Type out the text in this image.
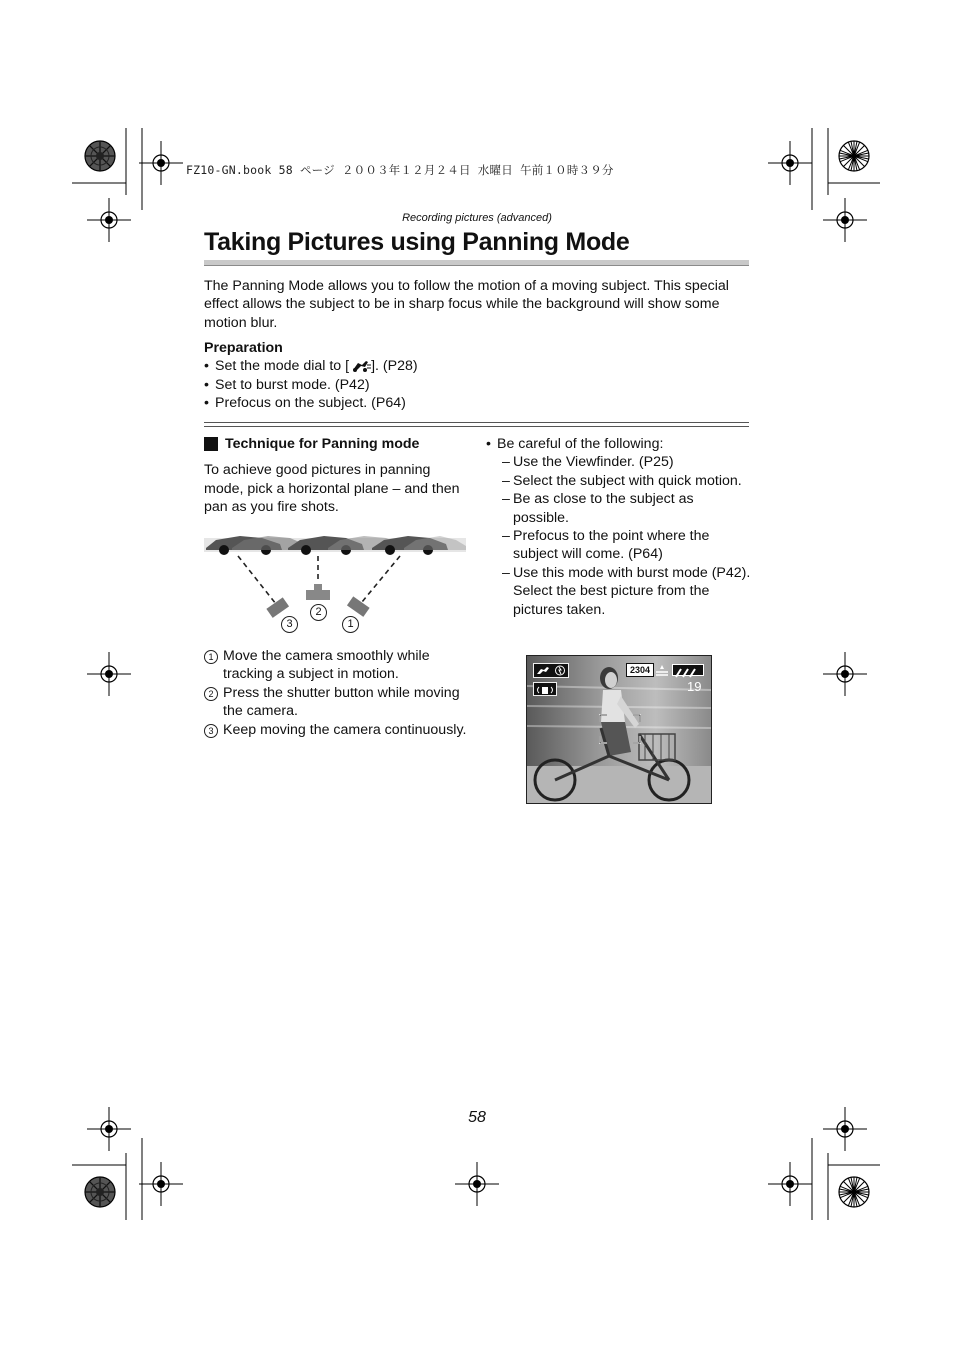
FZ10-GN.book 58 ページ ２００３年１２月２４日 水曜日 午前１０時３９分
Recording pictures (advanced)
Taking Pictures using Panning Mode
The Panning Mode allows you to follow the motion of a moving subject. This special effect allows the subject to be in sharp focus while the background will show some motion blur.
Preparation
• Set the mode dial to [ ]. (P28)
• Set to burst mode. (P42)
• Prefocus on the subject. (P64)
Technique for Panning mode
To achieve good pictures in panning mode, pick a horizontal plane – and then pan as you fire shots.
3
2
1
1 Move the camera smoothly while tracking a subject in motion.
2 Press the shutter button while moving the camera.
3 Keep moving the camera continuously.
• Be careful of the following:
– Use the Viewfinder. (P25)
– Select the subject with quick motion.
– Be as close to the subject as possible.
– Prefocus to the point where the subject will come. (P64)
– Use this mode with burst mode (P42). Select the best picture from the pictures taken.
2304
19
58
